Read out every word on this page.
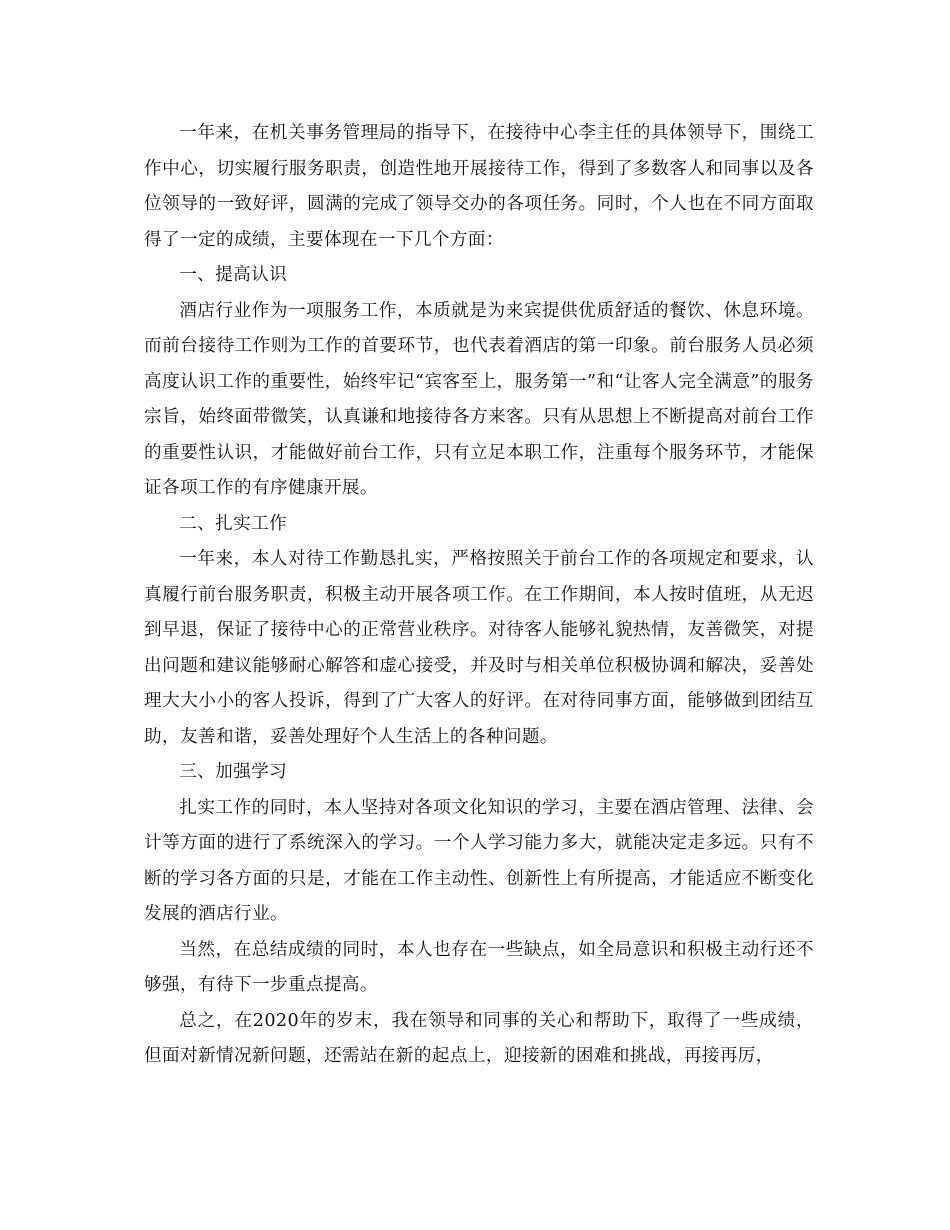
一年来，在机关事务管理局的指导下，在接待中心李主任的具体领导下，围绕工作中心，切实履行服务职责，创造性地开展接待工作，得到了多数客人和同事以及各位领导的一致好评，圆满的完成了领导交办的各项任务。同时，个人也在不同方面取得了一定的成绩，主要体现在一下几个方面：

一、提高认识

酒店行业作为一项服务工作，本质就是为来宾提供优质舒适的餐饮、休息环境。而前台接待工作则为工作的首要环节，也代表着酒店的第一印象。前台服务人员必须高度认识工作的重要性，始终牢记“宾客至上，服务第一”和“让客人完全满意”的服务宗旨，始终面带微笑，认真谦和地接待各方来客。只有从思想上不断提高对前台工作的重要性认识，才能做好前台工作，只有立足本职工作，注重每个服务环节，才能保证各项工作的有序健康开展。

二、扎实工作

一年来，本人对待工作勤恳扎实，严格按照关于前台工作的各项规定和要求，认真履行前台服务职责，积极主动开展各项工作。在工作期间，本人按时值班，从无迟到早退，保证了接待中心的正常营业秩序。对待客人能够礼貌热情，友善微笑，对提出问题和建议能够耐心解答和虚心接受，并及时与相关单位积极协调和解决，妥善处理大大小小的客人投诉，得到了广大客人的好评。在对待同事方面，能够做到团结互助，友善和谐，妥善处理好个人生活上的各种问题。

三、加强学习

扎实工作的同时，本人坚持对各项文化知识的学习，主要在酒店管理、法律、会计等方面的进行了系统深入的学习。一个人学习能力多大，就能决定走多远。只有不断的学习各方面的只是，才能在工作主动性、创新性上有所提高，才能适应不断变化发展的酒店行业。

当然，在总结成绩的同时，本人也存在一些缺点，如全局意识和积极主动行还不够强，有待下一步重点提高。

总之，在2020年的岁末，我在领导和同事的关心和帮助下，取得了一些成绩，但面对新情况新问题，还需站在新的起点上，迎接新的困难和挑战，再接再厉，
